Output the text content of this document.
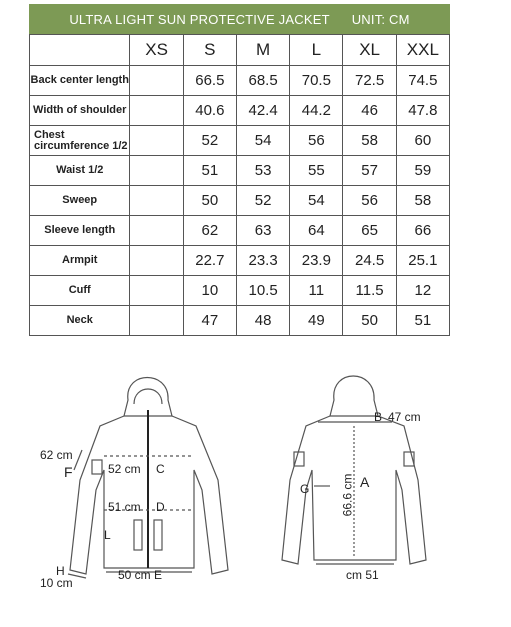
ULTRA LIGHT SUN PROTECTIVE JACKET UNIT: CM
	XS	S	M	L	XL	XXL
Back center length		66.5	68.5	70.5	72.5	74.5
Width of shoulder		40.6	42.4	44.2	46	47.8
Chest circumference 1/2		52	54	56	58	60
Waist 1/2		51	53	55	57	59
Sweep		50	52	54	56	58
Sleeve length		62	63	64	65	66
Armpit		22.7	23.3	23.9	24.5	25.1
Cuff		10	10.5	11	11.5	12
Neck		47	48	49	50	51
62 cm
F	52 cm C
51 cm D
L
50 cm E
H
10 cm
B 47 cm
66.6 cm A
G
cm 51
